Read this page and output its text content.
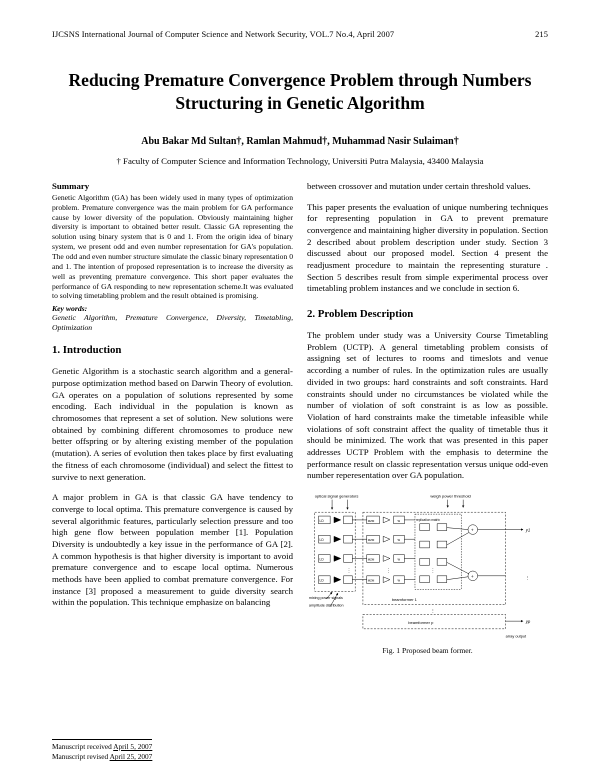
IJCSNS International Journal of Computer Science and Network Security, VOL.7 No.4, April 2007	215
Reducing Premature Convergence Problem through Numbers Structuring in Genetic Algorithm
Abu Bakar Md Sultan†, Ramlan Mahmud†, Muhammad Nasir Sulaiman†
† Faculty of Computer Science and Information Technology, Universiti Putra Malaysia, 43400 Malaysia
Summary

Genetic Algorithm (GA) has been widely used in many types of optimization problem. Premature convergence was the main problem for GA performance cause by lower diversity of the population. Obviously maintaining higher diversity is important to obtained better result. Classic GA representing the solution using binary system that is 0 and 1. From the origin idea of binary system, we present odd and even number representation for GA's population. The odd and even number structure simulate the classic binary representation 0 and 1. The intention of proposed representation is to increase the diversity as well as preventing premature convergence. This short paper evaluates the performance of GA responding to new representation scheme.It was evaluated to solving timetabling problem and the result obtained is promising.

Key words:

Genetic Algorithm, Premature Convergence, Diversity, Timetabling, Optimization

1. Introduction

Genetic Algorithm is a stochastic search algorithm and a general-purpose optimization method based on Darwin Theory of evolution. GA operates on a population of solutions represented by some encoding. Each individual in the population is known as chromosomes that represent a set of solution. New solutions were obtained by combining different chromosomes to produce new better offspring or by altering existing member of the population (mutation). A series of evolution then takes place by first evaluating the fitness of each chromosome (individual) and select the fittest to survive to next generation.

A major problem in GA is that classic GA have tendency to converge to local optima. This premature convergence is caused by several algorithmic features, particularly selection pressure and too high gene flow between population member [1]. Population Diversity is undoubtedly a key issue in the performance of GA [2]. A common hypothesis is that higher diversity is important to avoid premature convergence and to escape local optima. Numerous methods have been applied to combat premature convergence. For instance [3] proposed a measurement to guide diversity search within the population. This technique emphasize on balancing

between crossover and mutation under certain threshold values.

This paper presents the evaluation of unique numbering techniques for representing population in GA to prevent premature convergence and maintaining higher diversity in population. Section 2 described about problem description under study. Section 3 discussed about our proposed model. Section 4 present the readjusment procedure to maintain the representing sturature . Section 5 describes result from simple experimental process over timetabling problem instances and we conclude in section 6.

2. Problem Description

The problem under study was a University Course Timetabling Problem (UCTP). A general timetabling problem consists of assigning set of lectures to rooms and timeslots and venue according a number of rules. In the optimization rules are usually divided in two groups: hard constraints and soft constraints. Hard constraints should under no circumstances be violated while the number of violation of soft constraint is as low as possible. Violation of hard constraints make the timetable infeasible while violations of soft constraint affect the quality of timetable thus it should be minimized. The work that was presented in this paper addresses UCTP Problem with the emphasis to determine the performance result on classic representation versus unique odd-even number reperesentation over GA population.

optical signal generators	weigh power threshold
+
+
LD
LD
LD
LD
MZM
MZM
MZM
MZM
w
w
w
w
⋮	⋮	⋮
⋮
⋮
replication matrix
mixing power signals
amplitude distribution
beamformer 1
beamformer p
y1
yp
array output
Fig. 1 Proposed beam former.
Manuscript received April 5, 2007
Manuscript revised April 25, 2007
